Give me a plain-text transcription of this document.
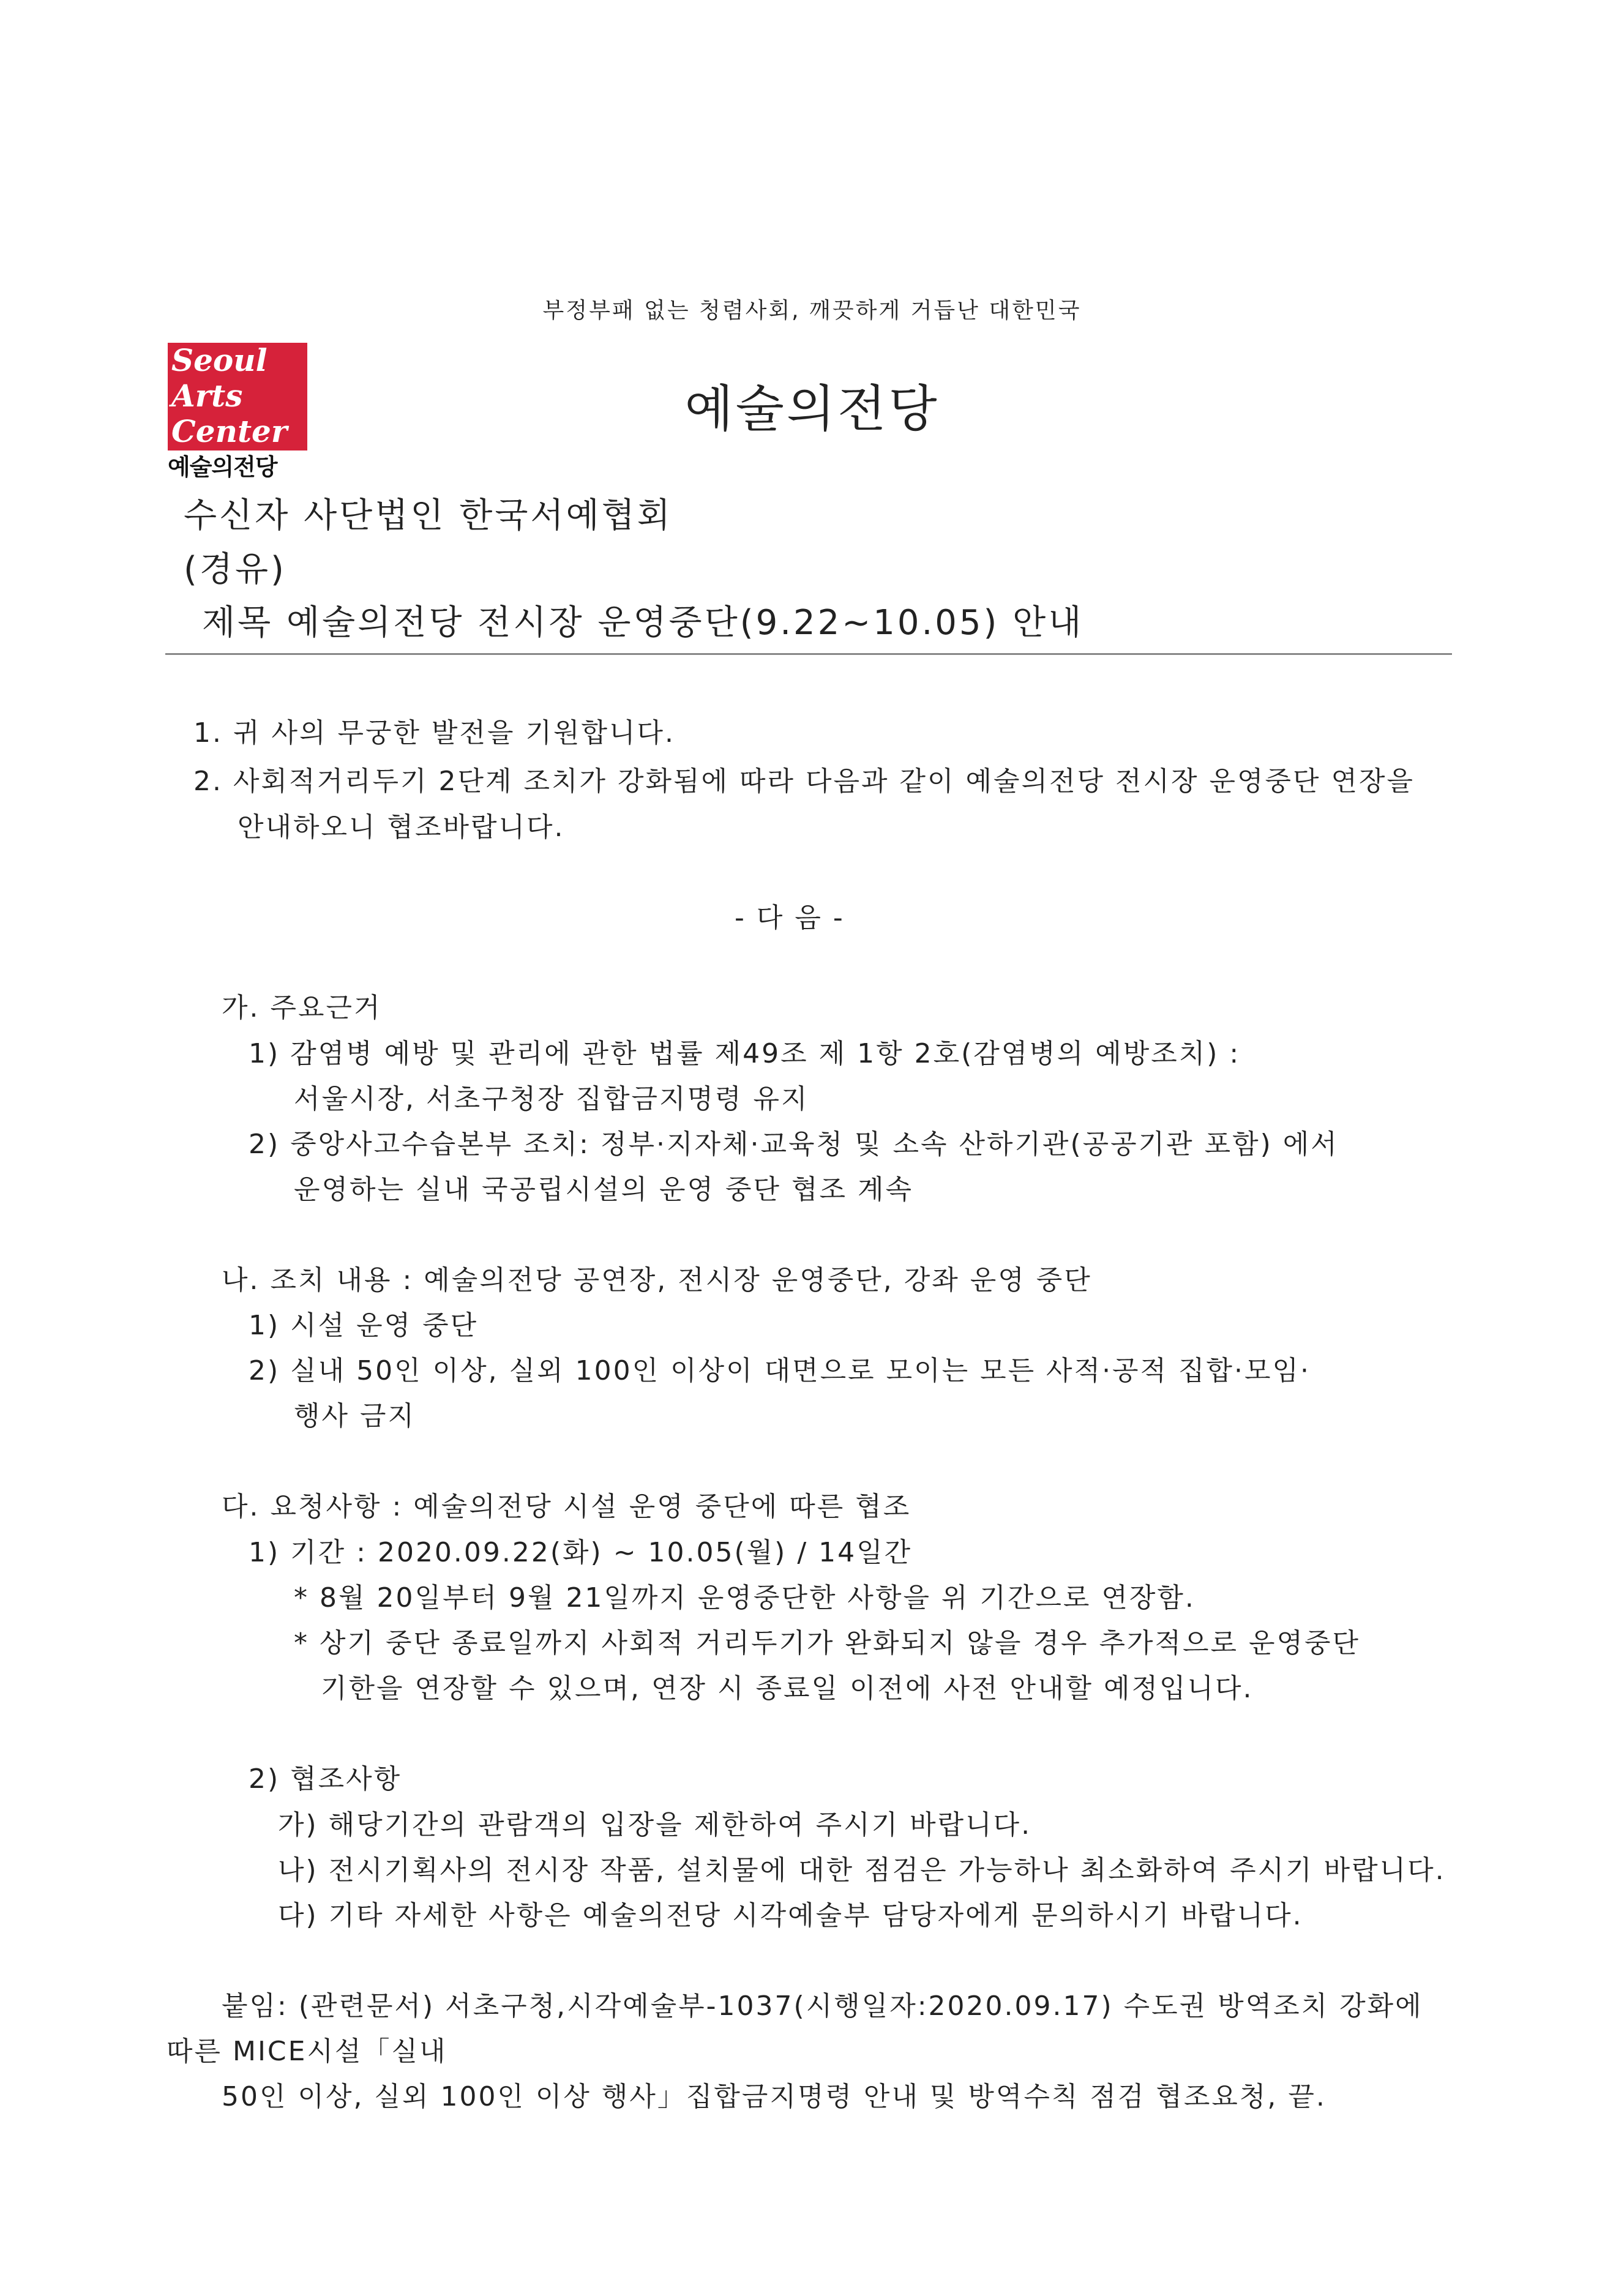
부정부패 없는 청렴사회, 깨끗하게 거듭난 대한민국
Seoul
Arts
Center
예술의전당
예술의전당
수신자 사단법인 한국서예협회
(경유)
제목 예술의전당 전시장 운영중단(9.22~10.05) 안내
1. 귀 사의 무궁한 발전을 기원합니다.
2. 사회적거리두기 2단계 조치가 강화됨에 따라 다음과 같이 예술의전당 전시장 운영중단 연장을
안내하오니 협조바랍니다.
- 다 음 -
가. 주요근거
1) 감염병 예방 및 관리에 관한 법률 제49조 제 1항 2호(감염병의 예방조치) :
서울시장, 서초구청장 집합금지명령 유지
2) 중앙사고수습본부 조치: 정부·지자체·교육청 및 소속 산하기관(공공기관 포함) 에서
운영하는 실내 국공립시설의 운영 중단 협조 계속
나. 조치 내용 : 예술의전당 공연장, 전시장 운영중단, 강좌 운영 중단
1) 시설 운영 중단
2) 실내 50인 이상, 실외 100인 이상이 대면으로 모이는 모든 사적·공적 집합·모임·
행사 금지
다. 요청사항 : 예술의전당 시설 운영 중단에 따른 협조
1) 기간 : 2020.09.22(화) ~ 10.05(월) / 14일간
* 8월 20일부터 9월 21일까지 운영중단한 사항을 위 기간으로 연장함.
* 상기 중단 종료일까지 사회적 거리두기가 완화되지 않을 경우 추가적으로 운영중단
기한을 연장할 수 있으며, 연장 시 종료일 이전에 사전 안내할 예정입니다.
2) 협조사항
가) 해당기간의 관람객의 입장을 제한하여 주시기 바랍니다.
나) 전시기획사의 전시장 작품, 설치물에 대한 점검은 가능하나 최소화하여 주시기 바랍니다.
다) 기타 자세한 사항은 예술의전당 시각예술부 담당자에게 문의하시기 바랍니다.
붙임: (관련문서) 서초구청,시각예술부-1037(시행일자:2020.09.17) 수도권 방역조치 강화에
따른 MICE시설「실내
50인 이상, 실외 100인 이상 행사」집합금지명령 안내 및 방역수칙 점검 협조요청, 끝.
